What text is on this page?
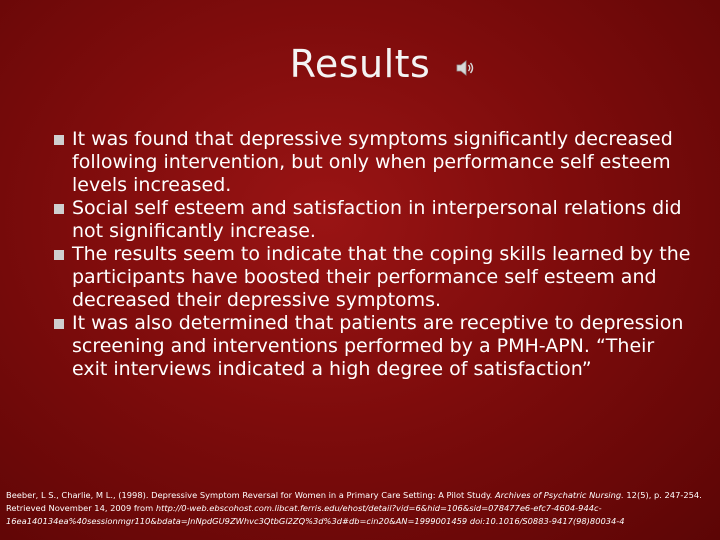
Results
It was found that depressive symptoms significantly decreased following intervention, but only when performance self esteem levels increased.
Social self esteem and satisfaction in interpersonal relations did not significantly increase.
The results seem to indicate that the coping skills learned by the participants have boosted their performance self esteem and decreased their depressive symptoms.
It was also determined that patients are receptive to depression screening and interventions performed by a PMH-APN. “Their exit interviews indicated a high degree of satisfaction”
Beeber, L S., Charlie, M L., (1998). Depressive Symptom Reversal for Women in a Primary Care Setting: A Pilot Study. Archives of Psychatric Nursing. 12(5), p. 247-254. Retrieved November 14, 2009 from http://0-web.ebscohost.com.libcat.ferris.edu/ehost/detail?vid=6&hid=106&sid=078477e6-efc7-4604-944c-16ea140134ea%40sessionmgr110&bdata=JnNpdGU9ZWhvc3QtbGl2ZQ%3d%3d#db=cin20&AN=1999001459 doi:10.1016/S0883-9417(98)80034-4
